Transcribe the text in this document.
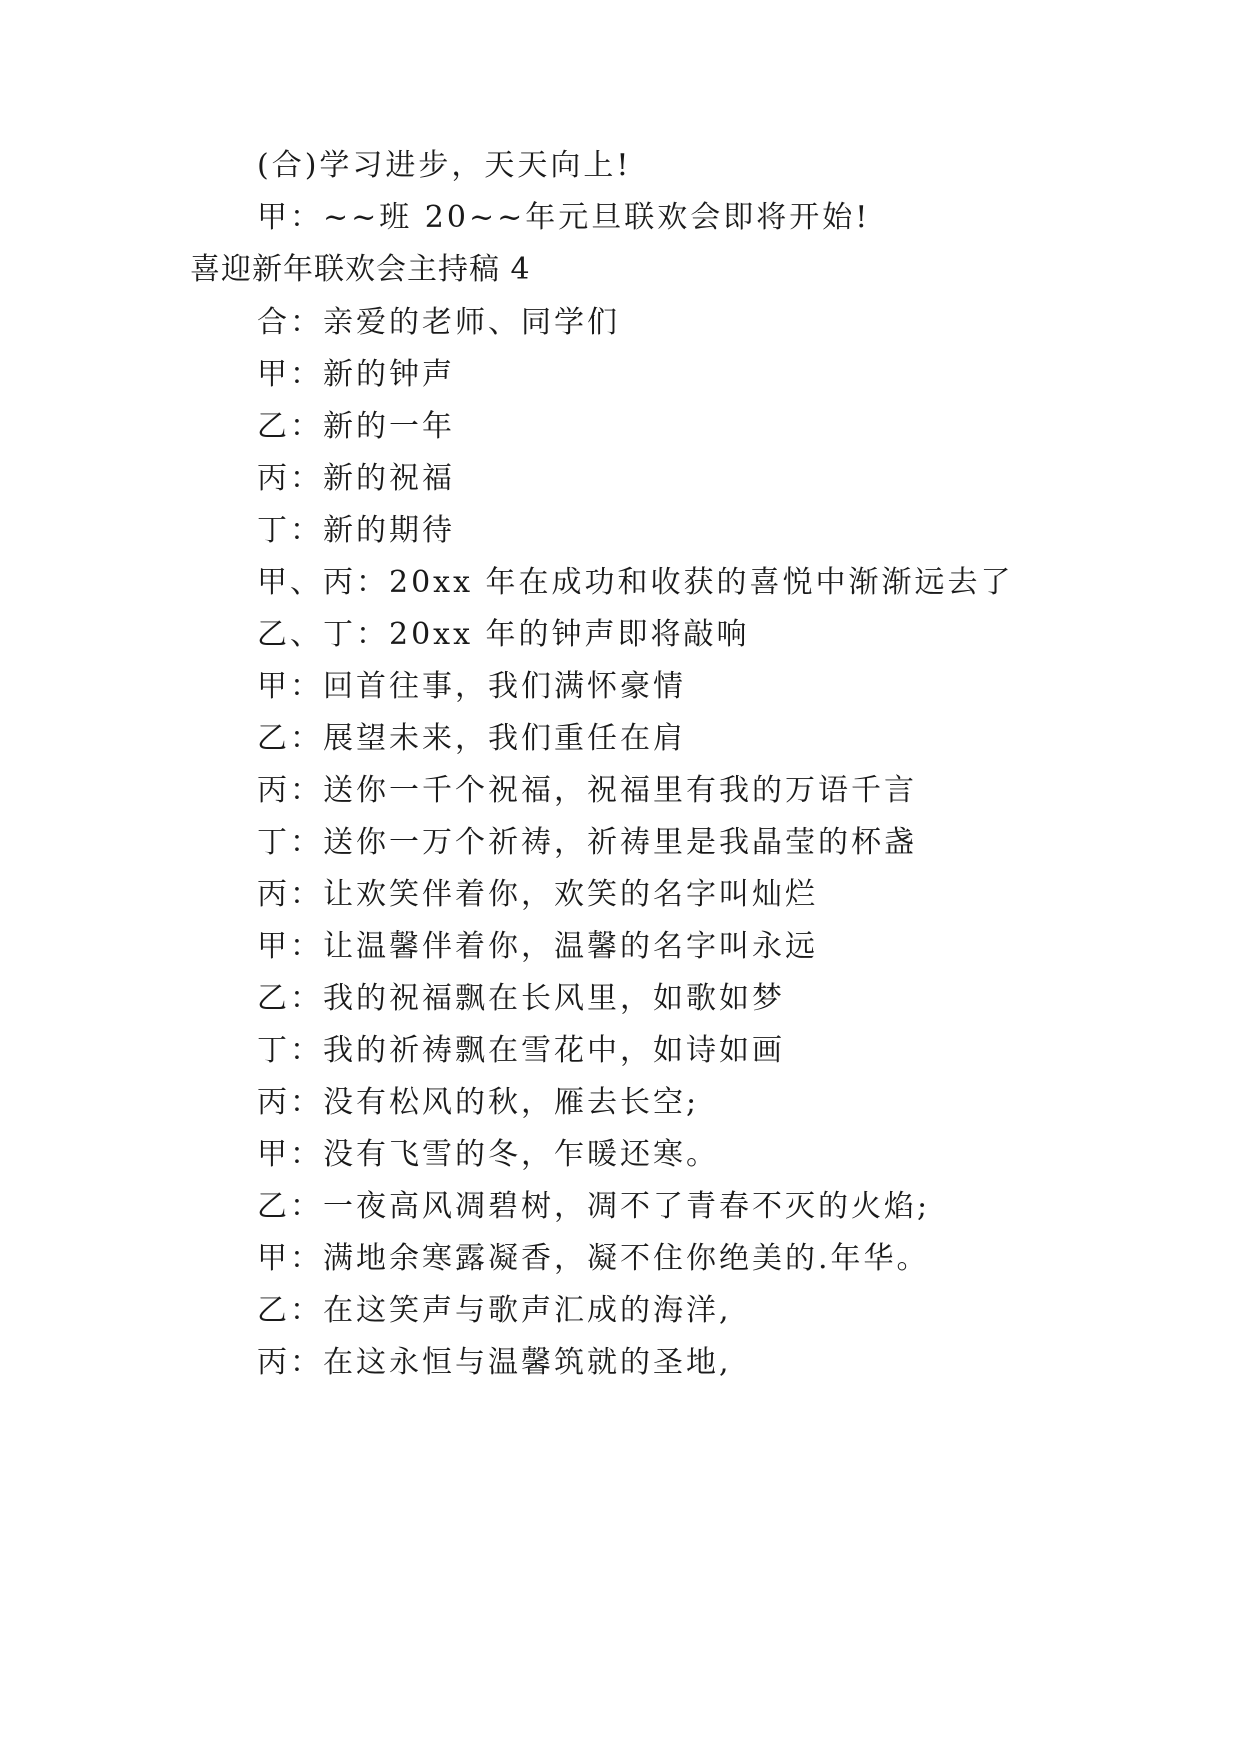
(合)学习进步，天天向上!
甲：~~班 20~~年元旦联欢会即将开始!
喜迎新年联欢会主持稿 4
合：亲爱的老师、同学们
甲：新的钟声
乙：新的一年
丙：新的祝福
丁：新的期待
甲、丙：20xx 年在成功和收获的喜悦中渐渐远去了
乙、丁：20xx 年的钟声即将敲响
甲：回首往事，我们满怀豪情
乙：展望未来，我们重任在肩
丙：送你一千个祝福，祝福里有我的万语千言
丁：送你一万个祈祷，祈祷里是我晶莹的杯盏
丙：让欢笑伴着你，欢笑的名字叫灿烂
甲：让温馨伴着你，温馨的名字叫永远
乙：我的祝福飘在长风里，如歌如梦
丁：我的祈祷飘在雪花中，如诗如画
丙：没有松风的秋，雁去长空;
甲：没有飞雪的冬，乍暖还寒。
乙：一夜高风凋碧树，凋不了青春不灭的火焰;
甲：满地余寒露凝香，凝不住你绝美的.年华。
乙：在这笑声与歌声汇成的海洋,
丙：在这永恒与温馨筑就的圣地,
